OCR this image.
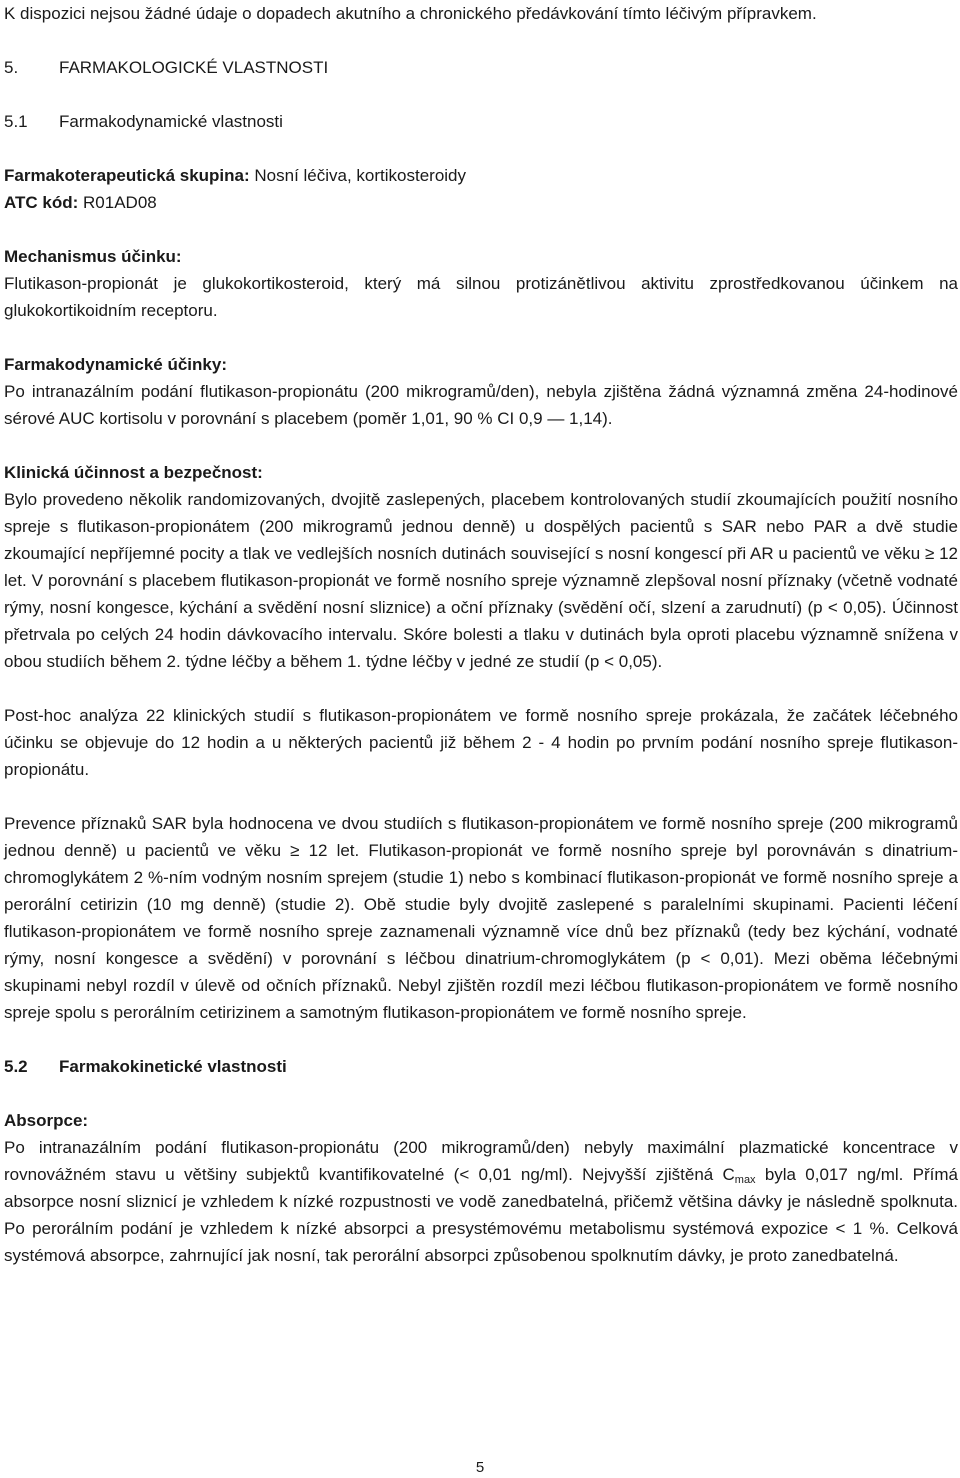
K dispozici nejsou žádné údaje o dopadech akutního a chronického předávkování tímto léčivým přípravkem.

5. FARMAKOLOGICKÉ VLASTNOSTI

5.1 Farmakodynamické vlastnosti

Farmakoterapeutická skupina: Nosní léčiva, kortikosteroidy

ATC kód: R01AD08

Mechanismus účinku:

Flutikason-propionát je glukokortikosteroid, který má silnou protizánětlivou aktivitu zprostředkovanou účinkem na glukokortikoidním receptoru.

Farmakodynamické účinky:

Po intranazálním podání flutikason-propionátu (200 mikrogramů/den), nebyla zjištěna žádná významná změna 24-hodinové sérové AUC kortisolu v porovnání s placebem (poměr 1,01, 90 % CI 0,9 — 1,14).

Klinická účinnost a bezpečnost:

Bylo provedeno několik randomizovaných, dvojitě zaslepených, placebem kontrolovaných studií zkoumajících použití nosního spreje s flutikason-propionátem (200 mikrogramů jednou denně) u dospělých pacientů s SAR nebo PAR a dvě studie zkoumající nepříjemné pocity a tlak ve vedlejších nosních dutinách související s nosní kongescí při AR u pacientů ve věku ≥ 12 let. V porovnání s placebem flutikason-propionát ve formě nosního spreje významně zlepšoval nosní příznaky (včetně vodnaté rýmy, nosní kongesce, kýchání a svědění nosní sliznice) a oční příznaky (svědění očí, slzení a zarudnutí) (p < 0,05). Účinnost přetrvala po celých 24 hodin dávkovacího intervalu. Skóre bolesti a tlaku v dutinách byla oproti placebu významně snížena v obou studiích během 2. týdne léčby a během 1. týdne léčby v jedné ze studií (p < 0,05).

Post-hoc analýza 22 klinických studií s flutikason-propionátem ve formě nosního spreje prokázala, že začátek léčebného účinku se objevuje do 12 hodin a u některých pacientů již během 2 - 4 hodin po prvním podání nosního spreje flutikason-propionátu.

Prevence příznaků SAR byla hodnocena ve dvou studiích s flutikason-propionátem ve formě nosního spreje (200 mikrogramů jednou denně) u pacientů ve věku ≥ 12 let. Flutikason-propionát ve formě nosního spreje byl porovnáván s dinatrium-chromoglykátem 2 %-ním vodným nosním sprejem (studie 1) nebo s kombinací flutikason-propionát ve formě nosního spreje a perorální cetirizin (10 mg denně) (studie 2). Obě studie byly dvojitě zaslepené s paralelními skupinami. Pacienti léčení flutikason-propionátem ve formě nosního spreje zaznamenali významně více dnů bez příznaků (tedy bez kýchání, vodnaté rýmy, nosní kongesce a svědění) v porovnání s léčbou dinatrium-chromoglykátem (p < 0,01). Mezi oběma léčebnými skupinami nebyl rozdíl v úlevě od očních příznaků. Nebyl zjištěn rozdíl mezi léčbou flutikason-propionátem ve formě nosního spreje spolu s perorálním cetirizinem a samotným flutikason-propionátem ve formě nosního spreje.

5.2 Farmakokinetické vlastnosti

Absorpce:

Po intranazálním podání flutikason-propionátu (200 mikrogramů/den) nebyly maximální plazmatické koncentrace v rovnovážném stavu u většiny subjektů kvantifikovatelné (< 0,01 ng/ml). Nejvyšší zjištěná $C_{max}$ byla 0,017 ng/ml. Přímá absorpce nosní sliznicí je vzhledem k nízké rozpustnosti ve vodě zanedbatelná, přičemž většina dávky je následně spolknuta. Po perorálním podání je vzhledem k nízké absorpci a presystémovému metabolismu systémová expozice < 1 %. Celková systémová absorpce, zahrnující jak nosní, tak perorální absorpci způsobenou spolknutím dávky, je proto zanedbatelná.

5
